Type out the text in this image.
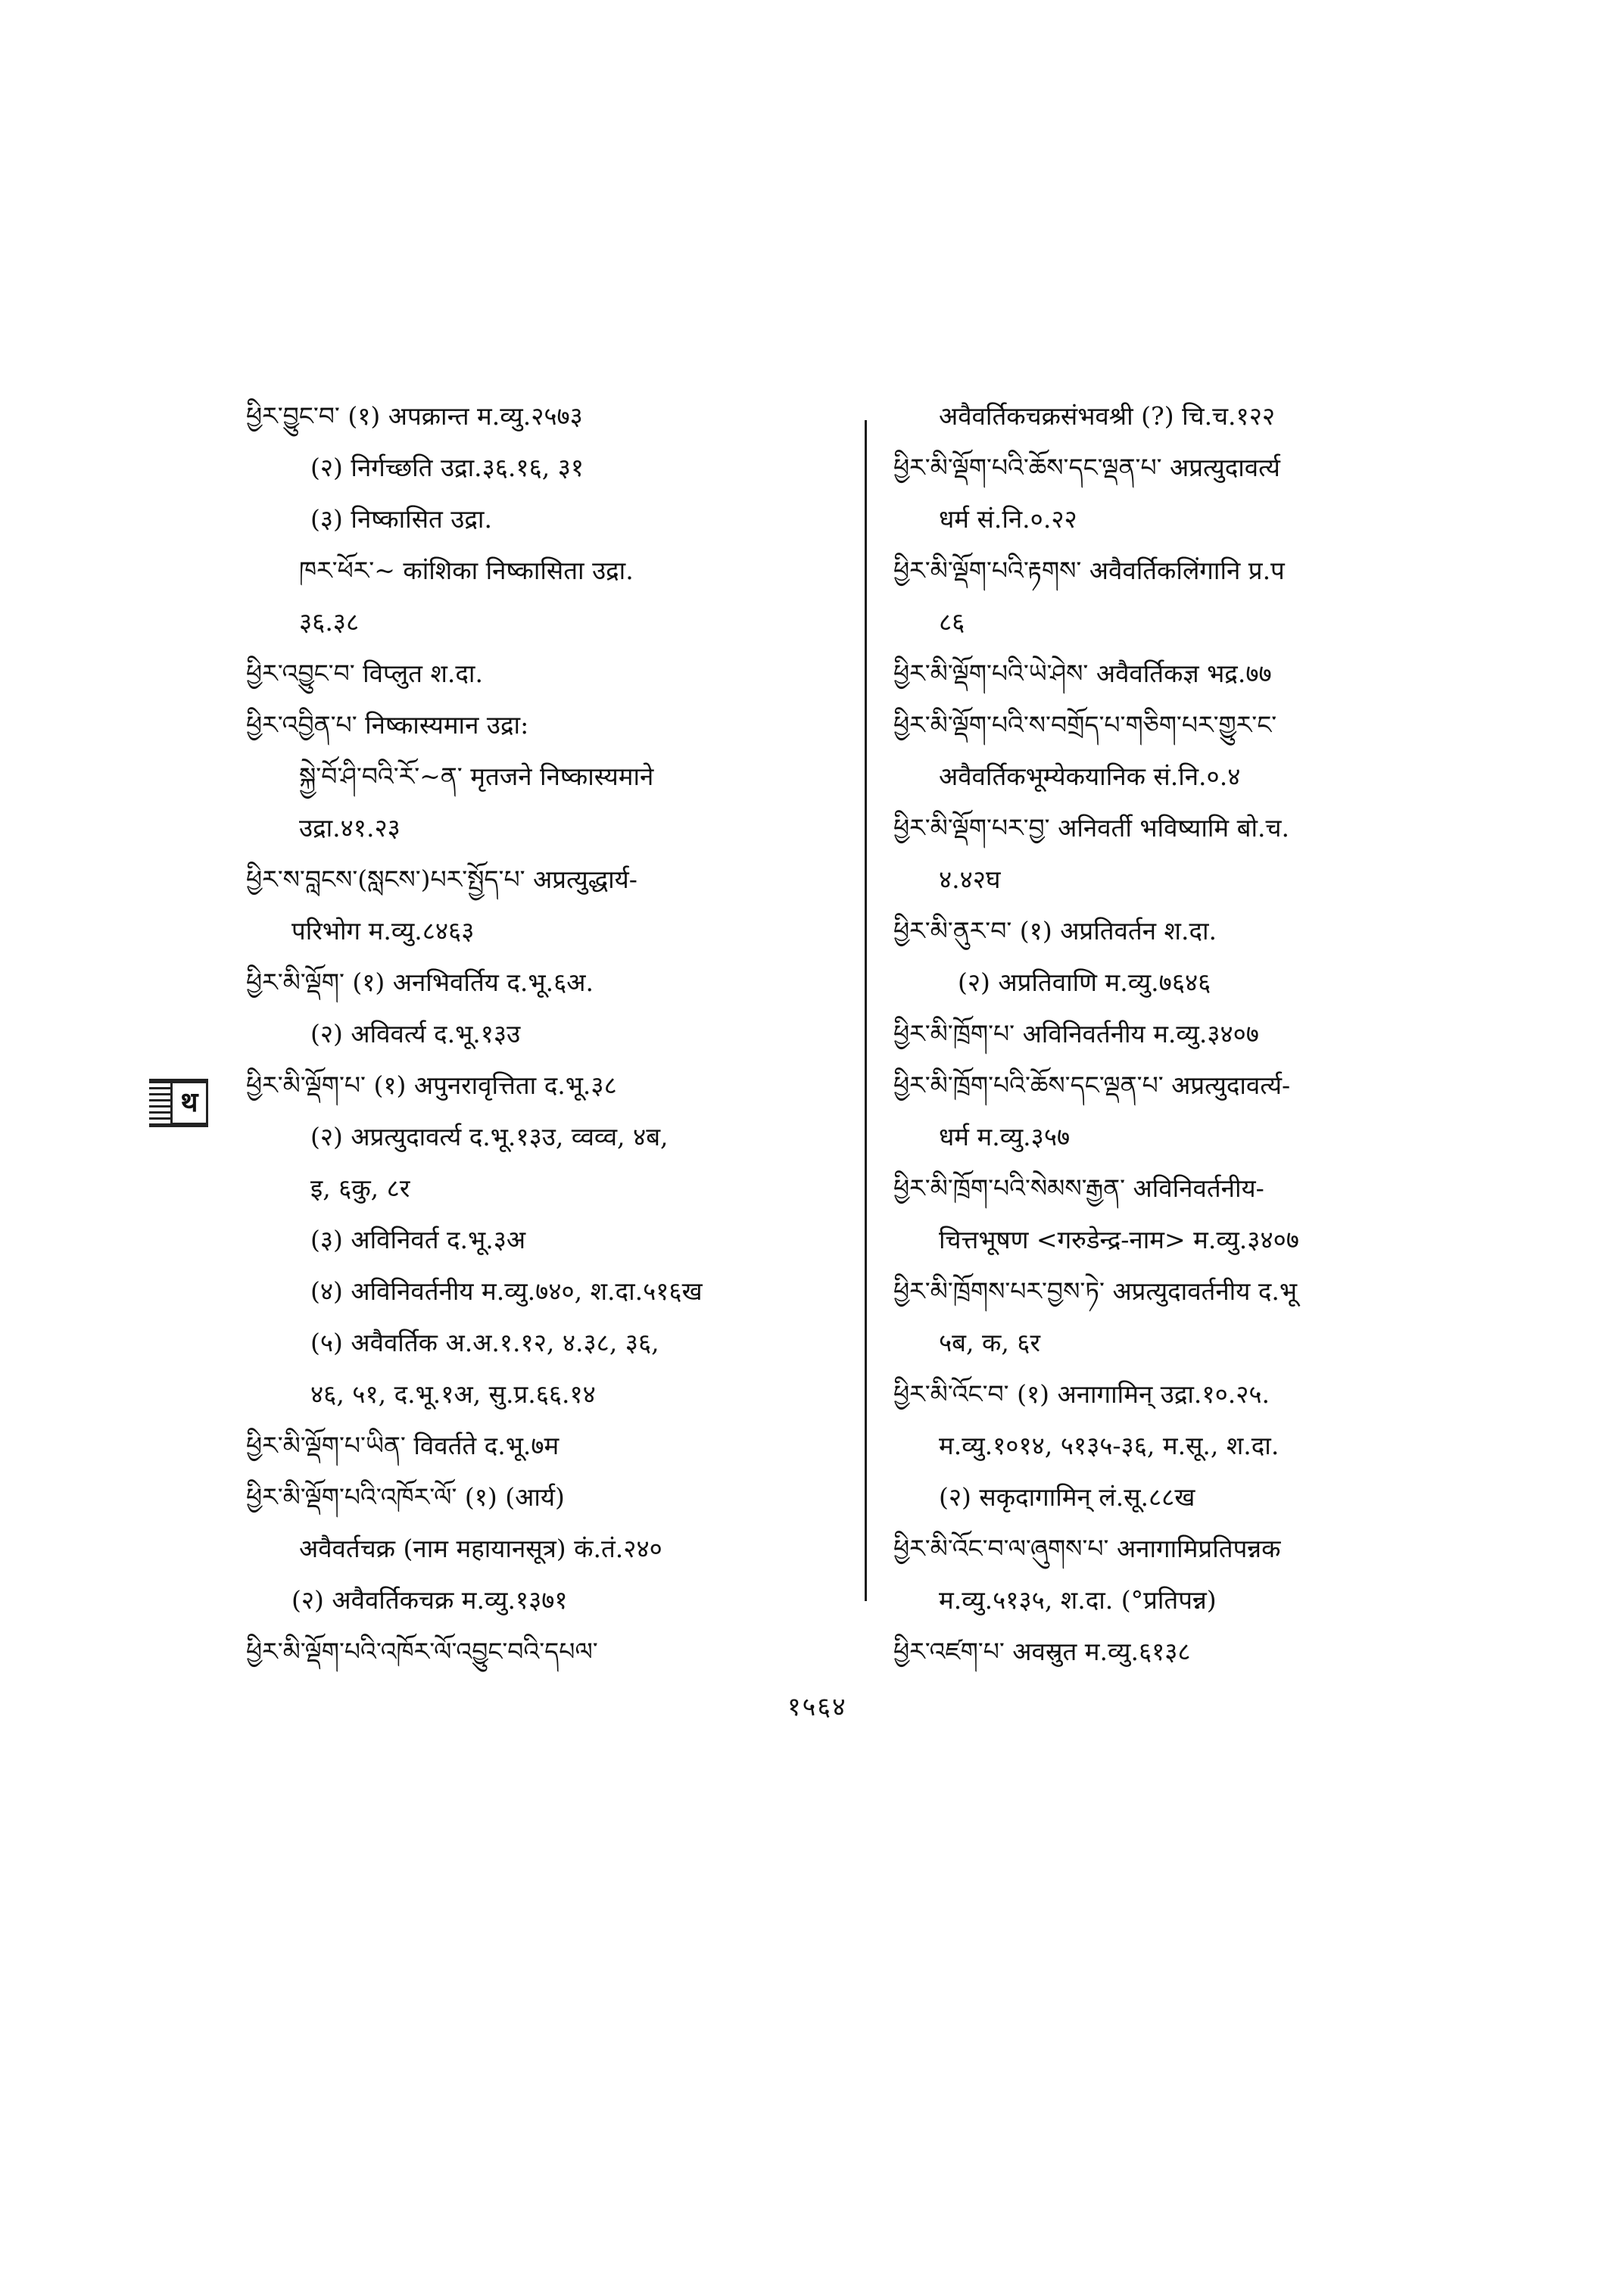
थ
ཕྱིར་བྱུང་བ་ (१) अपक्रान्त म.व्यु.२५७३
(२) निर्गच्छति उद्रा.३६.१६, ३१
(३) निष्कासित उद्रा.
ཁར་ཕོར་~ कांशिका निष्कासिता उद्रा.
३६.३८
ཕྱིར་འབྱུང་བ་ विप्लुत श.दा.
ཕྱིར་འབྱིན་པ་ निष्कास्यमान उद्रा:
སྐྱེ་བོ་ཤི་བའི་རོ་~ན་ मृतजने निष्कास्यमाने
उद्रा.४१.२३
ཕྱིར་ས་བླངས་(སླངས་)པར་སྤྱོད་པ་ अप्रत्युद्धार्य-
परिभोग म.व्यु.८४६३
ཕྱིར་མི་ལྡོག་ (१) अनभिवर्तिय द.भू.६अ.
(२) अविवर्त्य द.भू.१३उ
ཕྱིར་མི་ལྡོག་པ་ (१) अपुनरावृत्तिता द.भू.३८
(२) अप्रत्युदावर्त्य द.भू.१३उ, व्वव्व, ४ब,
इ, ६कु, ८र
(३) अविनिवर्त द.भू.३अ
(४) अविनिवर्तनीय म.व्यु.७४०, श.दा.५१६ख
(५) अवैवर्तिक अ.अ.१.१२, ४.३८, ३६,
४६, ५१, द.भू.१अ, सु.प्र.६६.१४
ཕྱིར་མི་ལྡོག་པ་ཡིན་ विवर्तते द.भू.७म
ཕྱིར་མི་ལྡོག་པའི་འཁོར་ལོ་ (१) (आर्य)
अवैवर्तचक्र (नाम महायानसूत्र) कं.तं.२४०
(२) अवैवर्तिकचक्र म.व्यु.१३७१
ཕྱིར་མི་ལྡོག་པའི་འཁོར་ལོ་འབྱུང་བའི་དཔལ་
अवैवर्तिकचक्रसंभवश्री (?) चि.च.१२२
ཕྱིར་མི་ལྡོག་པའི་ཆོས་དང་ལྡན་པ་ अप्रत्युदावर्त्य
धर्म सं.नि.०.२२
ཕྱིར་མི་ལྡོག་པའི་རྟགས་ अवैवर्तिकलिंगानि प्र.प
८६
ཕྱིར་མི་ལྡོག་པའི་ཡེ་ཤེས་ अवैवर्तिकज्ञ भद्र.७७
ཕྱིར་མི་ལྡོག་པའི་ས་བགྲོད་པ་གཅིག་པར་གྱུར་ང་
अवैवर्तिकभूम्येकयानिक सं.नि.०.४
ཕྱིར་མི་ལྡོག་པར་བྱ་ अनिवर्ती भविष्यामि बो.च.
४.४२घ
ཕྱིར་མི་ནུར་བ་ (१) अप्रतिवर्तन श.दा.
(२) अप्रतिवाणि म.व्यु.७६४६
ཕྱིར་མི་ཁྲོག་པ་ अविनिवर्तनीय म.व्यु.३४०७
ཕྱིར་མི་ཁྲོག་པའི་ཆོས་དང་ལྡན་པ་ अप्रत्युदावर्त्य-
धर्म म.व्यु.३५७
ཕྱིར་མི་ཁྲོག་པའི་སེམས་རྒྱན་ अविनिवर्तनीय-
चित्तभूषण <गरुडेन्द्र-नाम> म.व्यु.३४०७
ཕྱིར་མི་ཁྲོགས་པར་བྱས་ཏེ་ अप्रत्युदावर्तनीय द.भू
५ब, क, ६र
ཕྱིར་མི་འོང་བ་ (१) अनागामिन् उद्रा.१०.२५.
म.व्यु.१०१४, ५१३५-३६, म.सू., श.दा.
(२) सकृदागामिन् लं.सू.८८ख
ཕྱིར་མི་འོང་བ་ལ་ཞུགས་པ་ अनागामिप्रतिपन्नक
म.व्यु.५१३५, श.दा. (°प्रतिपन्न)
ཕྱིར་འཛག་པ་ अवस्रुत म.व्यु.६१३८
१५६४
